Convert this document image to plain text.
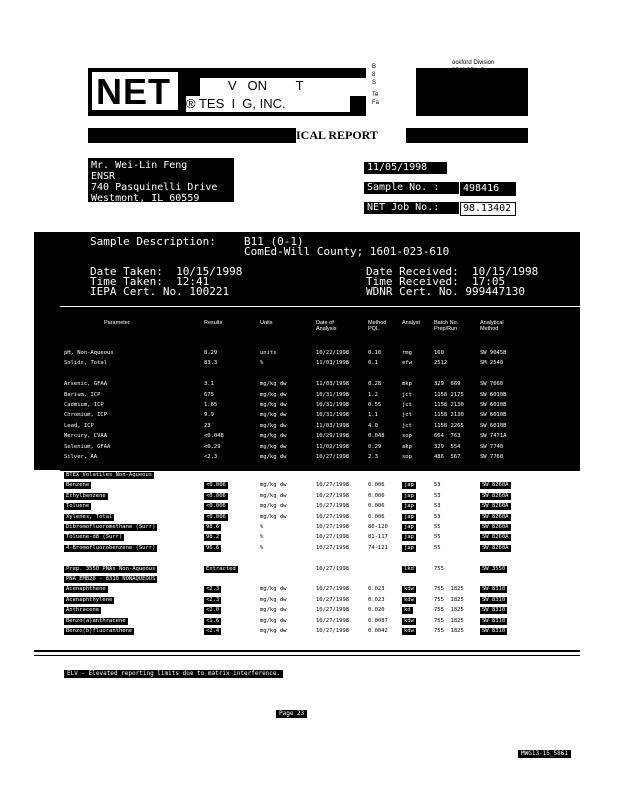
NET	V   ON        T
® TES  I  G, INC.
B
8
S
Te
Fa
ockford Division
3543 35th Street
Rockford, IL 61109
Tel: (815) 874-2171
Fax: (815) 874-5622
(800) 807-2877
ICAL REPORT
Mr. Wei-Lin Feng
ENSR
740 Pasquinelli Drive
Westmont, IL 60559
11/05/1998
Sample No. :	498416
NET Job No.:	98.13402
Sample Description:	B11 (0-1)
ComEd-Will County; 1601-023-610
Date Taken:  10/15/1998
Time Taken:  12:41
IEPA Cert. No. 100221
Date Received:  10/15/1998
Time Received:  17:05
WDNR Cert. No. 999447130
Parameter	Results	Units	Date of
Analysis
Method
PQL
Analyst	Batch No.
Prep/Run
Analytical
Method
pH, Non-Aqueous	8.29	units	10/22/1998	0.10	rmg	160	SW 9045B
Solids, Total	83.3	%	11/03/1998	0.1	efw	2512	SM 2540
Arsenic, GFAA	3.1	mg/kg dw	11/03/1998	0.28	mkp	329  669	SW 7060
Barium, ICP	675	mg/kg dw	10/31/1998	1.2	jct	1158 2175	SW 6010B
Cadmium, ICP	1.65	mg/kg dw	10/31/1998	0.55	jct	1158 2130	SW 6010B
Chromium, ICP	9.9	mg/kg dw	10/31/1998	1.1	jct	1158 2130	SW 6010B
Lead, ICP	23	mg/kg dw	11/03/1998	4.0	jct	1158 2265	SW 6010B
Mercury, CVAA	<0.048	mg/kg dw	10/29/1998	0.048	sop	664  763	SW 7471A
Selenium, GFAA	<0.29	mg/kg dw	11/02/1998	0.29	akp	329  554	SW 7740
Silver, AA	<2.3	mg/kg dw	10/27/1998	2.3	sop	486  567	SW 7760
BTEX Volatiles Non-Aqueous
Benzene	<0.006	mg/kg dw	10/27/1998	0.006	jap	53	SW 8260A
Ethylbenzene	<0.006	mg/kg dw	10/27/1998	0.006	jap	53	SW 8260A
Toluene	<0.006	mg/kg dw	10/27/1998	0.006	jap	53	SW 8260A
Xylenes, Total	<0.006	mg/kg dw	10/27/1998	0.006	jap	53	SW 8260A
Dibromofluoromethane (Surr)	98.6	%	10/27/1998	80-120	jap	55	SW 8260A
Toluene-d8 (Surr)	98.2	%	10/27/1998	81-117	jap	55	SW 8260A
4-Bromofluorobenzene (Surr)	96.6	%	10/27/1998	74-121	jap	55	SW 8260A
Prep. 3550 PNAs Non-Aqueous	Extracted	10/27/1998	lkd	755	SW 3550
PNA EMB26 - 8310 NONAQUEOUS
Acenaphthene	<2.3	mg/kg dw	10/27/1998	0.023	kdw	755  1825	SW 8310
Acenaphthylene	<2.3	mg/kg dw	10/27/1998	0.023	kdw	755  1825	SW 8310
Anthracene	<2.0	mg/kg dw	10/27/1998	0.020	kd	755  1825	SW 8310
Benzo(a)anthracene	<1.6	mg/kg dw	10/27/1998	0.0087	kdw	755  1825	SW 8310
Benzo(b)fluoranthene	<2.4	mg/kg dw	10/27/1998	0.0042	kdw	755  1825	SW 8310
ELV - Elevated reporting limits due to matrix interference.
Page 23
MWG13-15_5861
